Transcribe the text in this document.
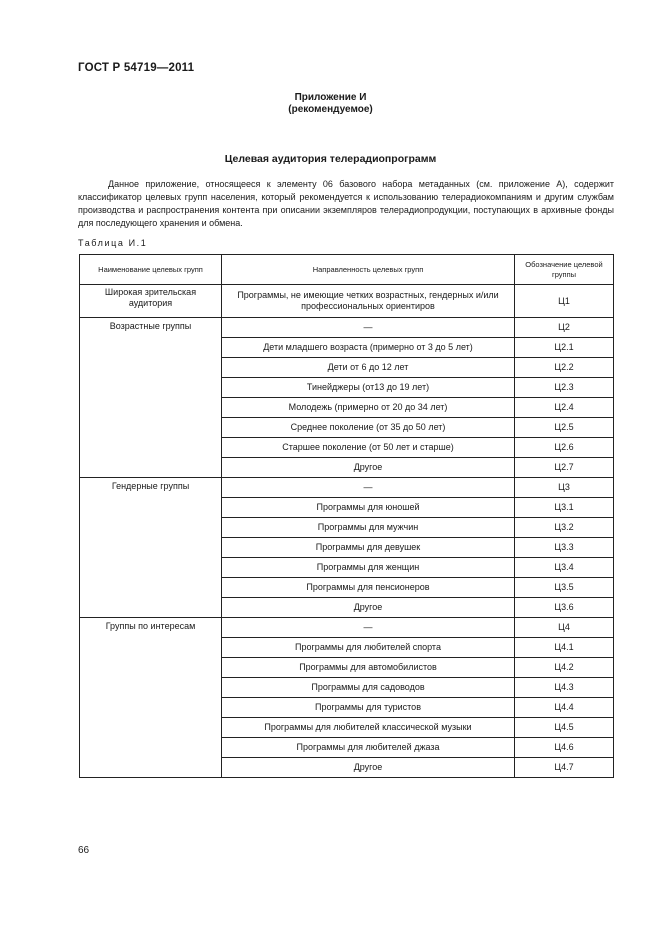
ГОСТ Р 54719—2011
Приложение И
(рекомендуемое)
Целевая аудитория телерадиопрограмм

Данное приложение, относящееся к элементу 06 базового набора метаданных (см. приложение А), содержит классификатор целевых групп населения, который рекомендуется к использованию телерадиокомпаниям и другим службам производства и распространения контента при описании экземпляров телерадиопродукции, поступающих в архивные фонды для последующего хранения и обмена.

Таблица И.1
Наименование целевых групп	Направленность целевых групп	Обозначение целевой группы
Широкая зрительская аудитория	Программы, не имеющие четких возрастных, гендерных и/или профессиональных ориентиров	Ц1
Возрастные группы	—	Ц2
	Дети младшего возраста (примерно от 3 до 5 лет)	Ц2.1
	Дети от 6 до 12 лет	Ц2.2
	Тинейджеры (от13 до 19 лет)	Ц2.3
	Молодежь (примерно от 20 до 34 лет)	Ц2.4
	Среднее поколение (от 35 до 50 лет)	Ц2.5
	Старшее поколение (от 50 лет и старше)	Ц2.6
	Другое	Ц2.7
Гендерные группы	—	Ц3
	Программы для юношей	Ц3.1
	Программы для мужчин	Ц3.2
	Программы для девушек	Ц3.3
	Программы для женщин	Ц3.4
	Программы для пенсионеров	Ц3.5
	Другое	Ц3.6
Группы по интересам	—	Ц4
	Программы для любителей спорта	Ц4.1
	Программы для автомобилистов	Ц4.2
	Программы для садоводов	Ц4.3
	Программы для туристов	Ц4.4
	Программы для любителей классической музыки	Ц4.5
	Программы для любителей джаза	Ц4.6
	Другое	Ц4.7
66
